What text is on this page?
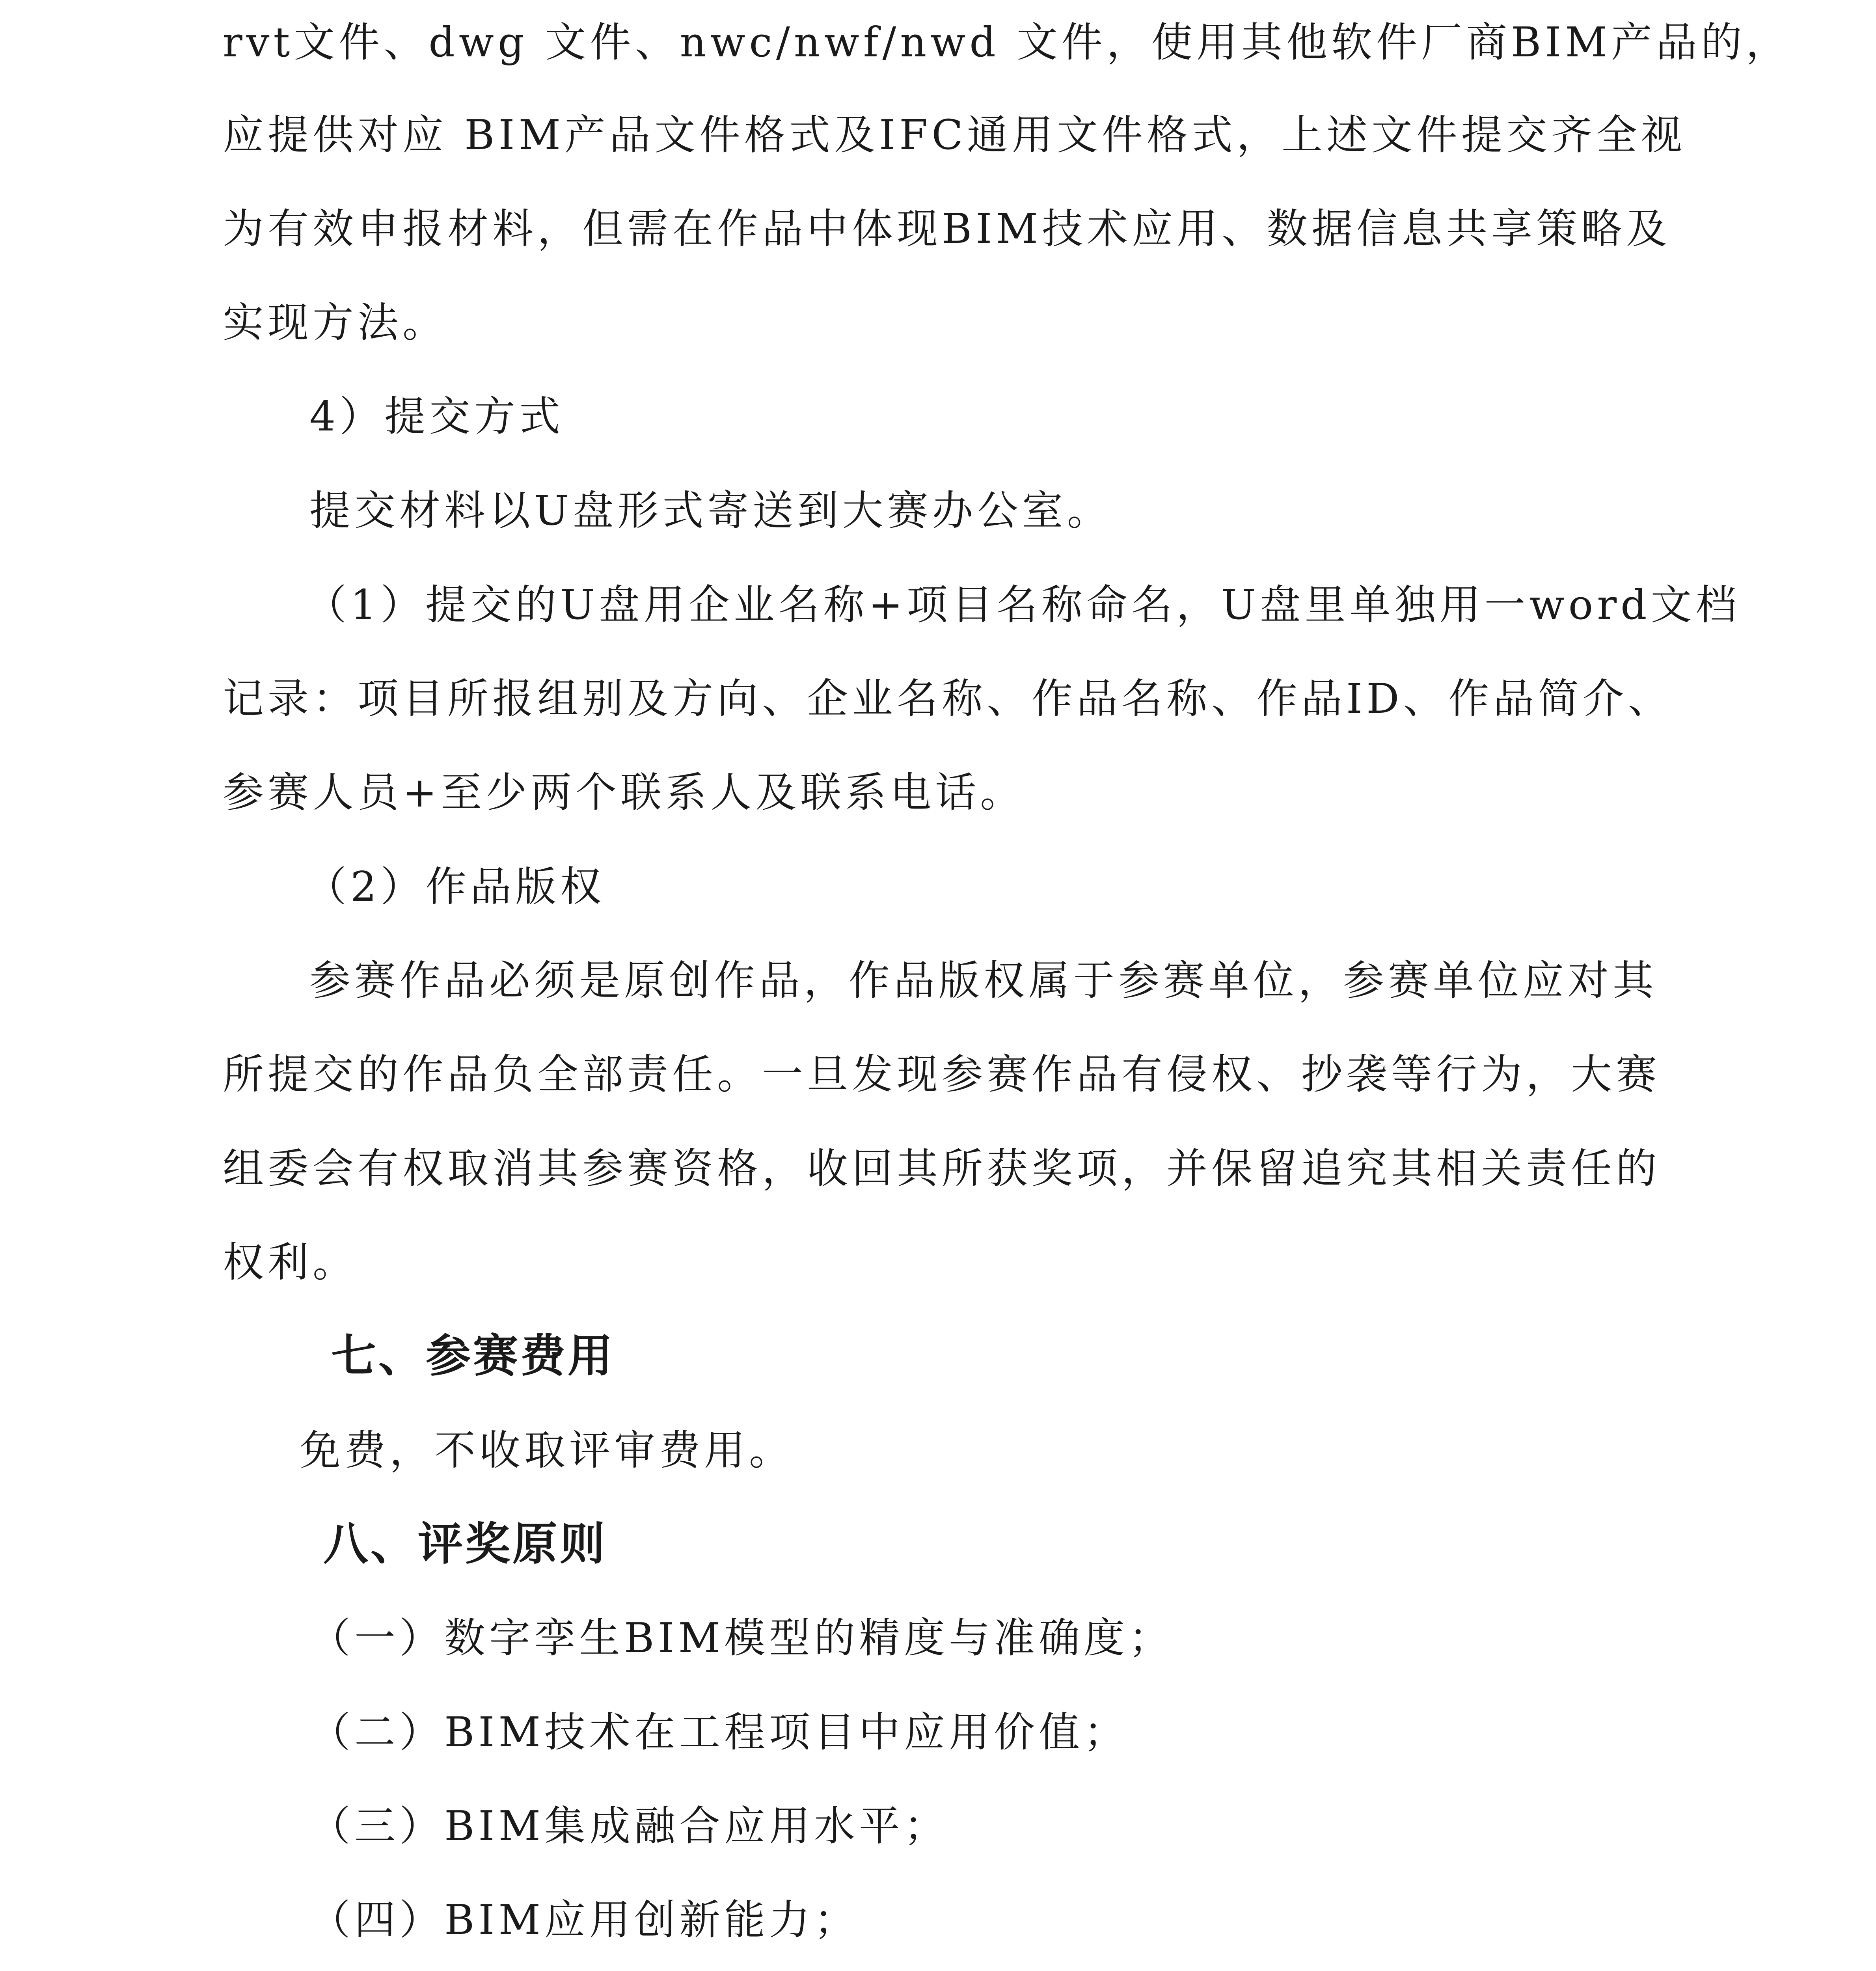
rvt文件、dwg 文件、nwc/nwf/nwd 文件，使用其他软件厂商BIM产品的，
应提供对应 BIM产品文件格式及IFC通用文件格式，上述文件提交齐全视
为有效申报材料，但需在作品中体现BIM技术应用、数据信息共享策略及
实现方法。
4）提交方式
提交材料以U盘形式寄送到大赛办公室。
（1）提交的U盘用企业名称+项目名称命名，U盘里单独用一word文档
记录：项目所报组别及方向、企业名称、作品名称、作品ID、作品简介、
参赛人员+至少两个联系人及联系电话。
（2）作品版权
参赛作品必须是原创作品，作品版权属于参赛单位，参赛单位应对其
所提交的作品负全部责任。一旦发现参赛作品有侵权、抄袭等行为，大赛
组委会有权取消其参赛资格，收回其所获奖项，并保留追究其相关责任的
权利。
七、参赛费用
免费，不收取评审费用。
八、评奖原则
（一）数字孪生BIM模型的精度与准确度；
（二）BIM技术在工程项目中应用价值；
（三）BIM集成融合应用水平；
（四）BIM应用创新能力；
